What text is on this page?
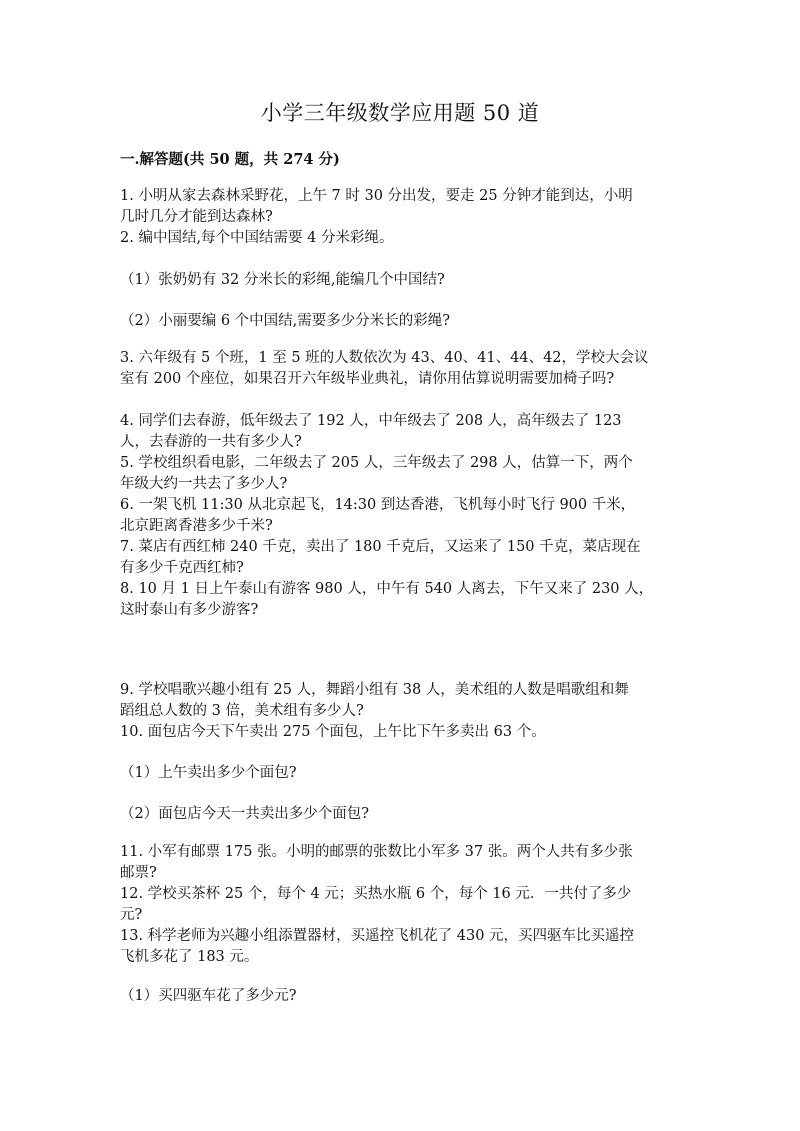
小学三年级数学应用题 50 道
一.解答题(共 50 题，共 274 分)
1. 小明从家去森林采野花，上午 7 时 30 分出发，要走 25 分钟才能到达，小明
几时几分才能到达森林?
2. 编中国结,每个中国结需要 4 分米彩绳。
（1）张奶奶有 32 分米长的彩绳,能编几个中国结?
（2）小丽要编 6 个中国结,需要多少分米长的彩绳?
3. 六年级有 5 个班，1 至 5 班的人数依次为 43、40、41、44、42，学校大会议
室有 200 个座位，如果召开六年级毕业典礼，请你用估算说明需要加椅子吗?
4. 同学们去春游，低年级去了 192 人，中年级去了 208 人，高年级去了 123
人，去春游的一共有多少人?
5. 学校组织看电影，二年级去了 205 人，三年级去了 298 人，估算一下，两个
年级大约一共去了多少人?
6. 一架飞机 11:30 从北京起飞，14:30 到达香港，飞机每小时飞行 900 千米，
北京距离香港多少千米?
7. 菜店有西红柿 240 千克，卖出了 180 千克后，又运来了 150 千克，菜店现在
有多少千克西红柿?
8. 10 月 1 日上午泰山有游客 980 人，中午有 540 人离去，下午又来了 230 人，
这时泰山有多少游客?
9. 学校唱歌兴趣小组有 25 人，舞蹈小组有 38 人，美术组的人数是唱歌组和舞
蹈组总人数的 3 倍，美术组有多少人?
10. 面包店今天下午卖出 275 个面包，上午比下午多卖出 63 个。
（1）上午卖出多少个面包?
（2）面包店今天一共卖出多少个面包?
11. 小军有邮票 175 张。小明的邮票的张数比小军多 37 张。两个人共有多少张
邮票?
12. 学校买茶杯 25 个，每个 4 元；买热水瓶 6 个，每个 16 元．一共付了多少
元?
13. 科学老师为兴趣小组添置器材，买遥控飞机花了 430 元，买四驱车比买遥控
飞机多花了 183 元。
（1）买四驱车花了多少元?
